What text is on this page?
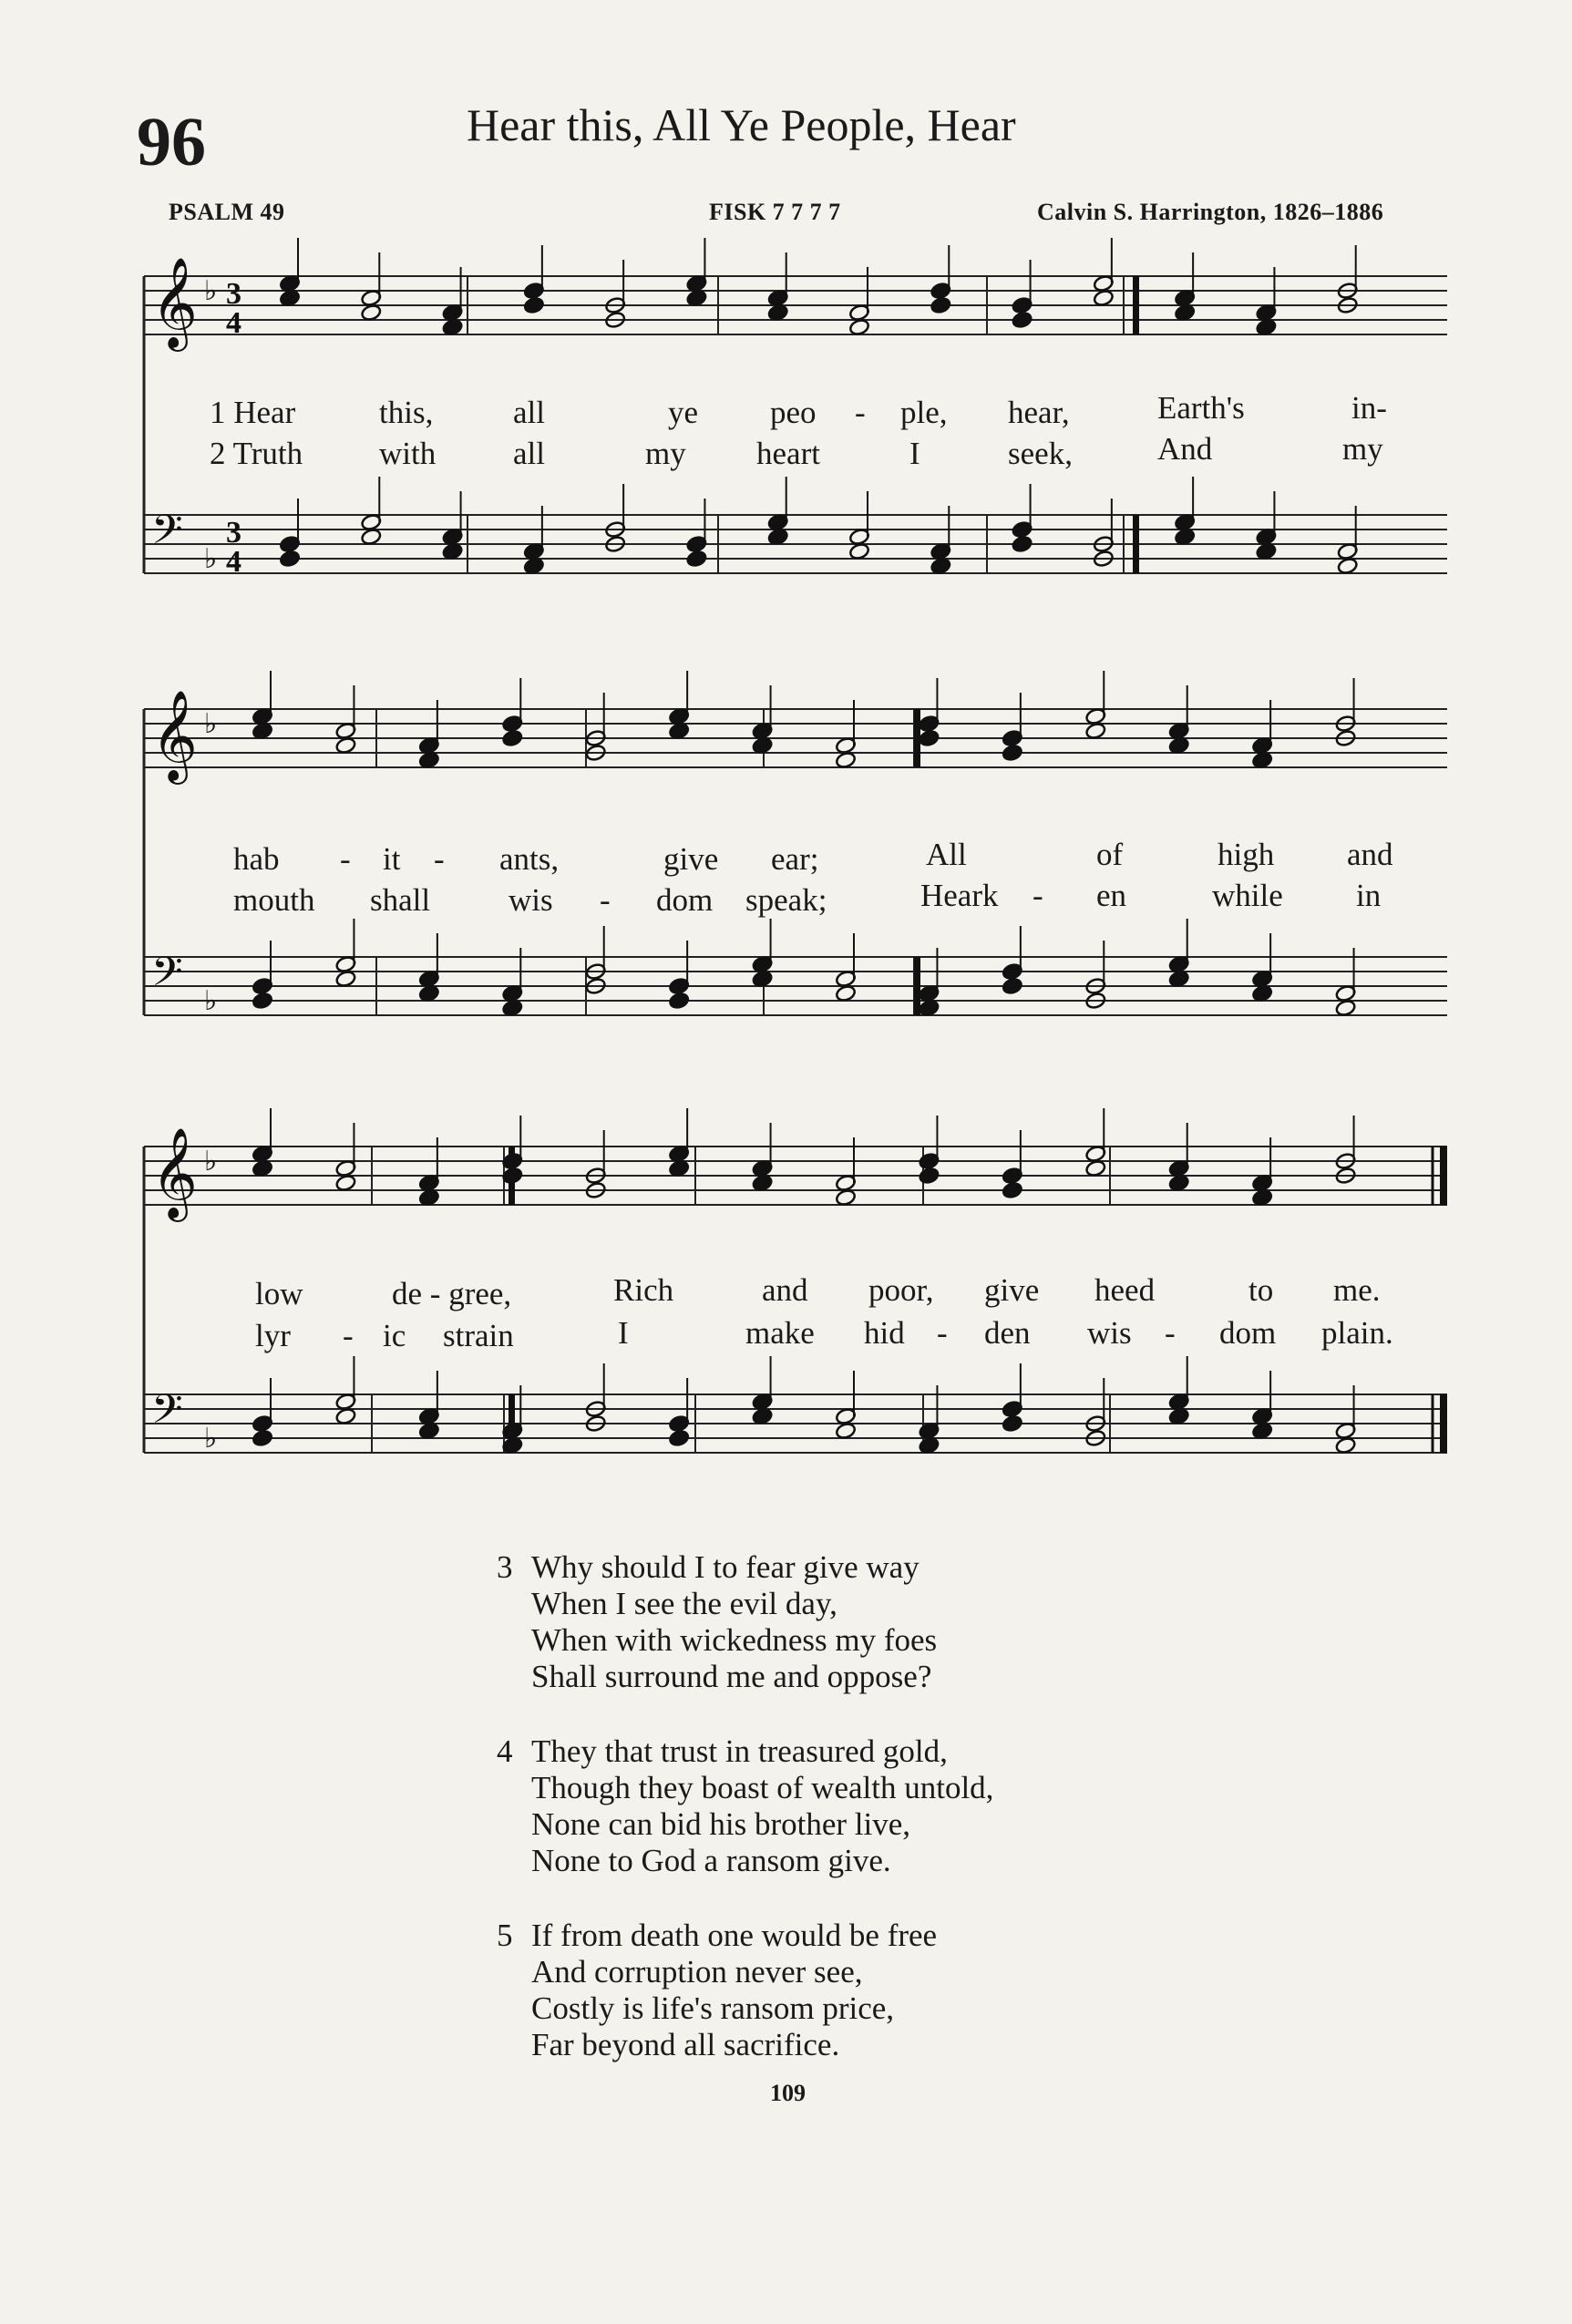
96	Hear this, All Ye People, Hear
PSALM 49	FISK 7 7 7 7	Calvin S. Harrington, 1826–1886
𝄞 ♭ 3
4
𝄢 ♭
3
4
1 Hear	this,	all	ye peo - ple, hear,	Earth's	in-
2 Truth with all	my heart	I	seek,	And	my
𝄞 ♭
𝄢 ♭
hab - it - ants,	give ear;	All	of	high and
mouth shall wis - dom speak;	Heark - en	while in
𝄞 ♭
𝄢 ♭
low	de - gree,	Rich	and poor, give heed	to me.
lyr - ic strain	I	make hid - den wis - dom plain.
3 Why should I to fear give way
When I see the evil day,
When with wickedness my foes
Shall surround me and oppose?
4 They that trust in treasured gold,
Though they boast of wealth untold,
None can bid his brother live,
None to God a ransom give.
5 If from death one would be free
And corruption never see,
Costly is life's ransom price,
Far beyond all sacrifice.
109
